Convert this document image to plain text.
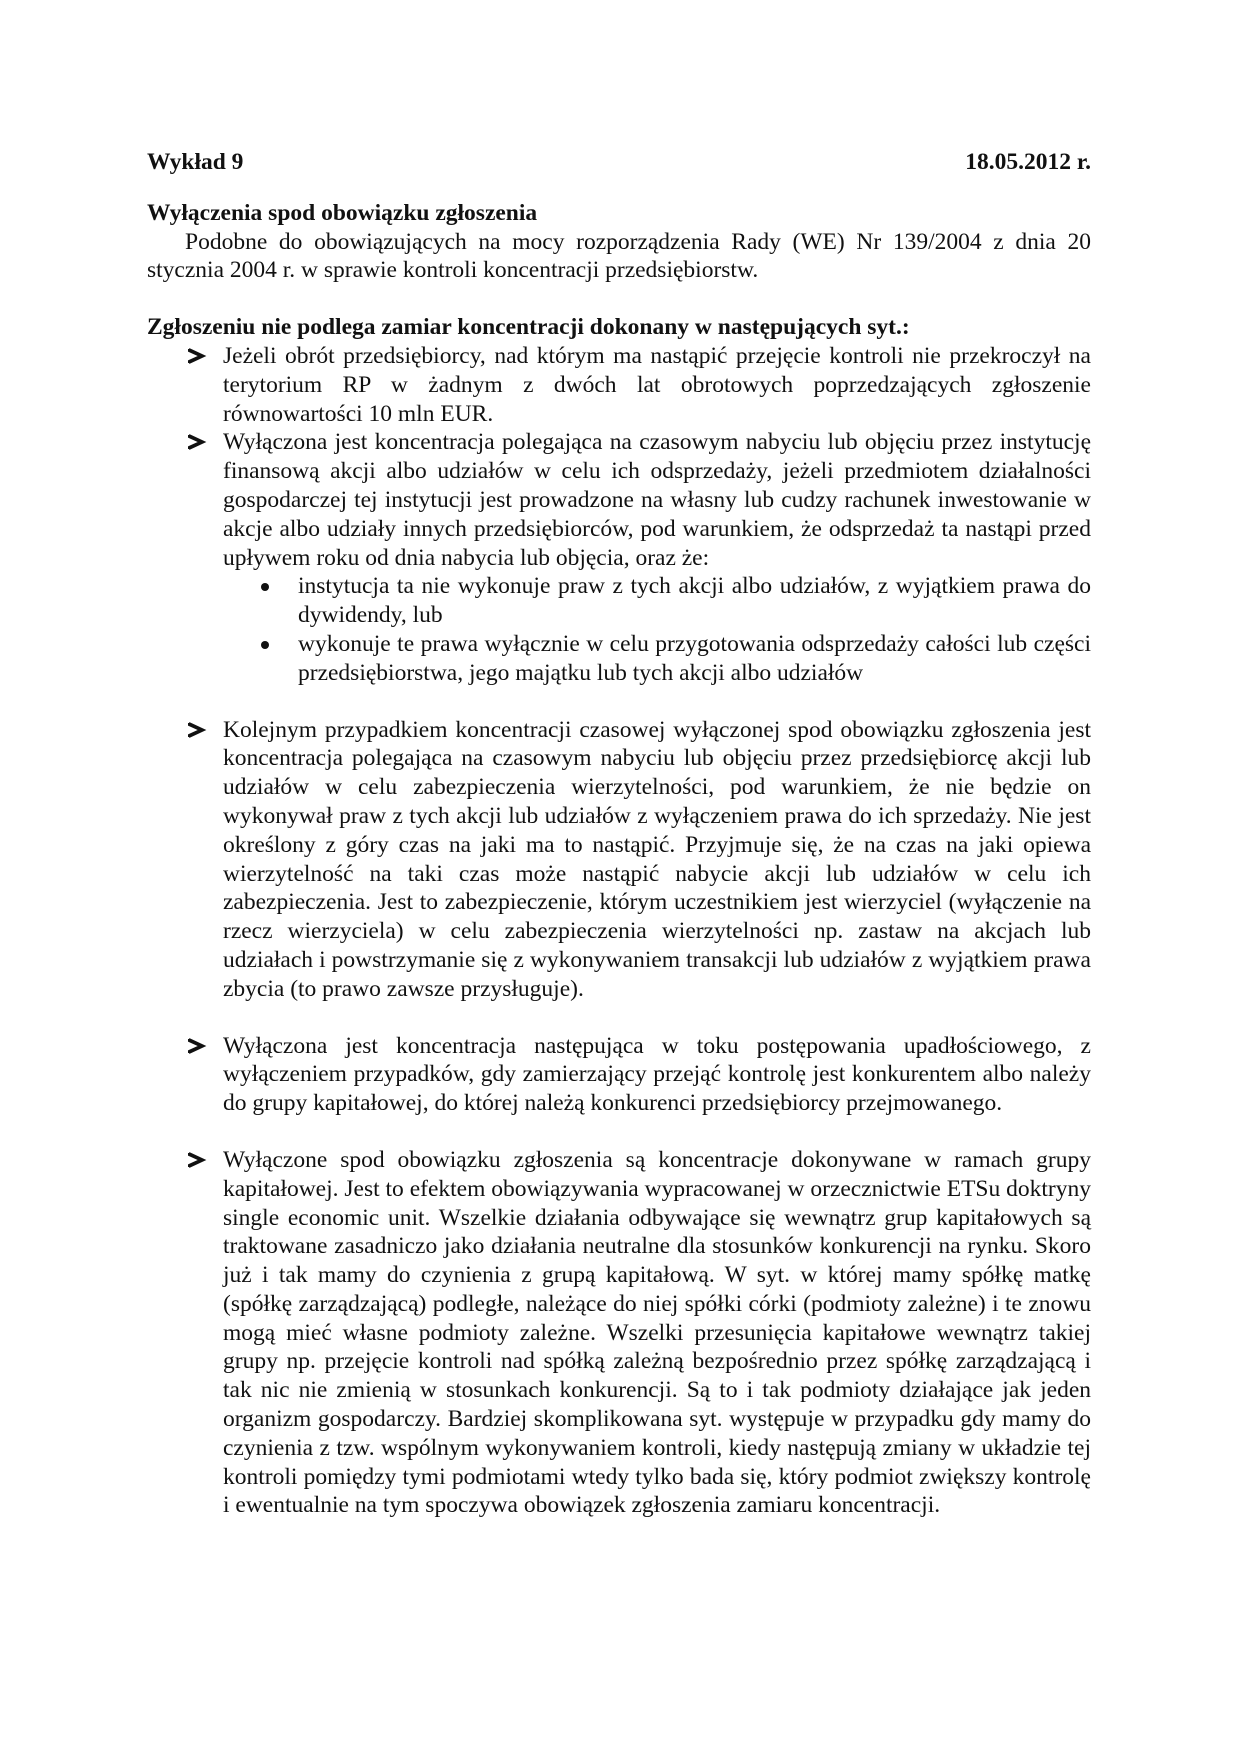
Wykład 9	18.05.2012 r.

Wyłączenia spod obowiązku zgłoszenia

Podobne do obowiązujących na mocy rozporządzenia Rady (WE) Nr 139/2004 z dnia 20 stycznia 2004 r. w sprawie kontroli koncentracji przedsiębiorstw.

Zgłoszeniu nie podlega zamiar koncentracji dokonany w następujących syt.:

Jeżeli obrót przedsiębiorcy, nad którym ma nastąpić przejęcie kontroli nie przekroczył na terytorium RP w żadnym z dwóch lat obrotowych poprzedzających zgłoszenie równowartości 10 mln EUR.
Wyłączona jest koncentracja polegająca na czasowym nabyciu lub objęciu przez instytucję finansową akcji albo udziałów w celu ich odsprzedaży, jeżeli przedmiotem działalności gospodarczej tej instytucji jest prowadzone na własny lub cudzy rachunek inwestowanie w akcje albo udziały innych przedsiębiorców, pod warunkiem, że odsprzedaż ta nastąpi przed upływem roku od dnia nabycia lub objęcia, oraz że:
instytucja ta nie wykonuje praw z tych akcji albo udziałów, z wyjątkiem prawa do dywidendy, lub
wykonuje te prawa wyłącznie w celu przygotowania odsprzedaży całości lub części przedsiębiorstwa, jego majątku lub tych akcji albo udziałów
Kolejnym przypadkiem koncentracji czasowej wyłączonej spod obowiązku zgłoszenia jest koncentracja polegająca na czasowym nabyciu lub objęciu przez przedsiębiorcę akcji lub udziałów w celu zabezpieczenia wierzytelności, pod warunkiem, że nie będzie on wykonywał praw z tych akcji lub udziałów z wyłączeniem prawa do ich sprzedaży. Nie jest określony z góry czas na jaki ma to nastąpić. Przyjmuje się, że na czas na jaki opiewa wierzytelność na taki czas może nastąpić nabycie akcji lub udziałów w celu ich zabezpieczenia. Jest to zabezpieczenie, którym uczestnikiem jest wierzyciel (wyłączenie na rzecz wierzyciela) w celu zabezpieczenia wierzytelności np. zastaw na akcjach lub udziałach i powstrzymanie się z wykonywaniem transakcji lub udziałów z wyjątkiem prawa zbycia (to prawo zawsze przysługuje).
Wyłączona jest koncentracja następująca w toku postępowania upadłościowego, z wyłączeniem przypadków, gdy zamierzający przejąć kontrolę jest konkurentem albo należy do grupy kapitałowej, do której należą konkurenci przedsiębiorcy przejmowanego.
Wyłączone spod obowiązku zgłoszenia są koncentracje dokonywane w ramach grupy kapitałowej. Jest to efektem obowiązywania wypracowanej w orzecznictwie ETSu doktryny single economic unit. Wszelkie działania odbywające się wewnątrz grup kapitałowych są traktowane zasadniczo jako działania neutralne dla stosunków konkurencji na rynku. Skoro już i tak mamy do czynienia z grupą kapitałową. W syt. w której mamy spółkę matkę (spółkę zarządzającą) podległe, należące do niej spółki córki (podmioty zależne) i te znowu mogą mieć własne podmioty zależne. Wszelki przesunięcia kapitałowe wewnątrz takiej grupy np. przejęcie kontroli nad spółką zależną bezpośrednio przez spółkę zarządzającą i tak nic nie zmienią w stosunkach konkurencji. Są to i tak podmioty działające jak jeden organizm gospodarczy. Bardziej skomplikowana syt. występuje w przypadku gdy mamy do czynienia z tzw. wspólnym wykonywaniem kontroli, kiedy następują zmiany w układzie tej kontroli pomiędzy tymi podmiotami wtedy tylko bada się, który podmiot zwiększy kontrolę i ewentualnie na tym spoczywa obowiązek zgłoszenia zamiaru koncentracji.
